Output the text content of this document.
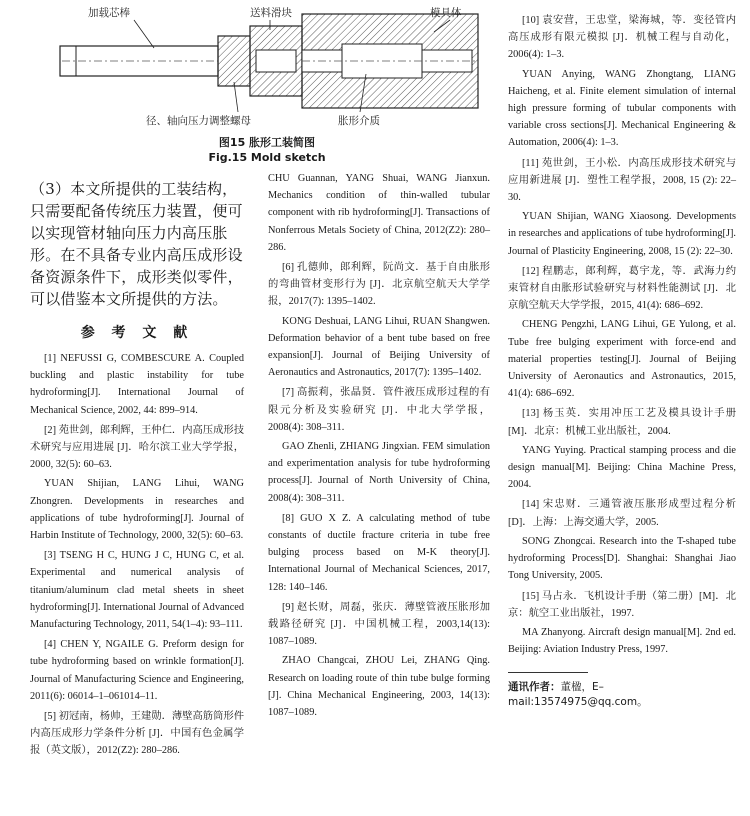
加载芯棒	送料滑块	模具体
径、轴向压力调整螺母	胀形介质
图15 胀形工装简图
Fig.15 Mold sketch

（3）本文所提供的工装结构，只需要配备传统压力装置，便可以实现管材轴向压力内高压胀形。在不具备专业内高压成形设备资源条件下，成形类似零件，可以借鉴本文所提供的方法。

参 考 文 献
[1] NEFUSSI G, COMBESCURE A. Coupled buckling and plastic instability for tube hydroforming[J]. International Journal of Mechanical Science, 2002, 44: 899–914.
[2] 苑世剑，郎利辉，王仲仁．内高压成形技术研究与应用进展 [J]．哈尔滨工业大学学报，2000, 32(5): 60–63.
YUAN Shijian, LANG Lihui, WANG Zhongren. Developments in researches and applications of tube hydroforming[J]. Journal of Harbin Institute of Technology, 2000, 32(5): 60–63.
[3] TSENG H C, HUNG J C, HUNG C, et al. Experimental and numerical analysis of titanium/aluminum clad metal sheets in sheet hydroforming[J]. International Journal of Advanced Manufacturing Technology, 2011, 54(1–4): 93–111.
[4] CHEN Y, NGAILE G. Preform design for tube hydroforming based on wrinkle formation[J]. Journal of Manufacturing Science and Engineering, 2011(6): 06014–1–061014–11.
[5] 初冠南，杨帅，王建勋．薄壁高筋筒形件内高压成形力学条件分析 [J]．中国有色金属学报（英文版），2012(Z2): 280–286.
CHU Guannan, YANG Shuai, WANG Jianxun. Mechanics condition of thin-walled tubular component with rib hydroforming[J]. Transactions of Nonferrous Metals Society of China, 2012(Z2): 280–286.
[6] 孔德帅，郎利辉，阮尚文．基于自由胀形的弯曲管材变形行为 [J]．北京航空航天大学学报，2017(7): 1395–1402.
KONG Deshuai, LANG Lihui, RUAN Shangwen. Deformation behavior of a bent tube based on free expansion[J]. Journal of Beijing University of Aeronautics and Astronautics, 2017(7): 1395–1402.
[7] 高振莉，张晶贤．管件液压成形过程的有限元分析及实验研究 [J]．中北大学学报，2008(4): 308–311.
GAO Zhenli, ZHIANG Jingxian. FEM simulation and experimentation analysis for tube hydroforming process[J]. Journal of North University of China, 2008(4): 308–311.
[8] GUO X Z. A calculating method of tube constants of ductile fracture criteria in tube free bulging process based on M-K theory[J]. International Journal of Mechanical Sciences, 2017, 128: 140–146.
[9] 赵长财，周磊，张庆．薄壁管液压胀形加载路径研究 [J]．中国机械工程，2003,14(13): 1087–1089.
ZHAO Changcai, ZHOU Lei, ZHANG Qing. Research on loading route of thin tube bulge forming [J]. China Mechanical Engineering, 2003, 14(13): 1087–1089.
[10] 袁安营，王忠堂，梁海城，等．变径管内高压成形有限元模拟 [J]．机械工程与自动化，2006(4): 1–3.
YUAN Anying, WANG Zhongtang, LIANG Haicheng, et al. Finite element simulation of internal high pressure forming of tubular components with variable cross sections[J]. Mechanical Engineering & Automation, 2006(4): 1–3.
[11] 苑世剑，王小松．内高压成形技术研究与应用新进展 [J]．塑性工程学报，2008, 15 (2): 22–30.
YUAN Shijian, WANG Xiaosong. Developments in researches and applications of tube hydroforming[J]. Journal of Plasticity Engineering, 2008, 15 (2): 22–30.
[12] 程鹏志，郎利辉，葛宇龙，等．武海力约束管材自由胀形试验研究与材料性能测试 [J]．北京航空航天大学学报，2015, 41(4): 686–692.
CHENG Pengzhi, LANG Lihui, GE Yulong, et al. Tube free bulging experiment with force-end and material properties testing[J]. Journal of Beijing University of Aeronautics and Astronautics, 2015, 41(4): 686–692.
[13] 杨玉英．实用冲压工艺及模具设计手册 [M]．北京：机械工业出版社，2004.
YANG Yuying. Practical stamping process and die design manual[M]. Beijing: China Machine Press, 2004.
[14] 宋忠财．三通管液压胀形成型过程分析 [D]．上海：上海交通大学，2005.
SONG Zhongcai. Research into the T-shaped tube hydroforming Process[D]. Shanghai: Shanghai Jiao Tong University, 2005.
[15] 马占永．飞机设计手册（第二册）[M]．北京：航空工业出版社，1997.
MA Zhanyong. Aircraft design manual[M]. 2nd ed. Beijing: Aviation Industry Press, 1997.
通讯作者：董楹，E–mail:13574975@qq.com。
